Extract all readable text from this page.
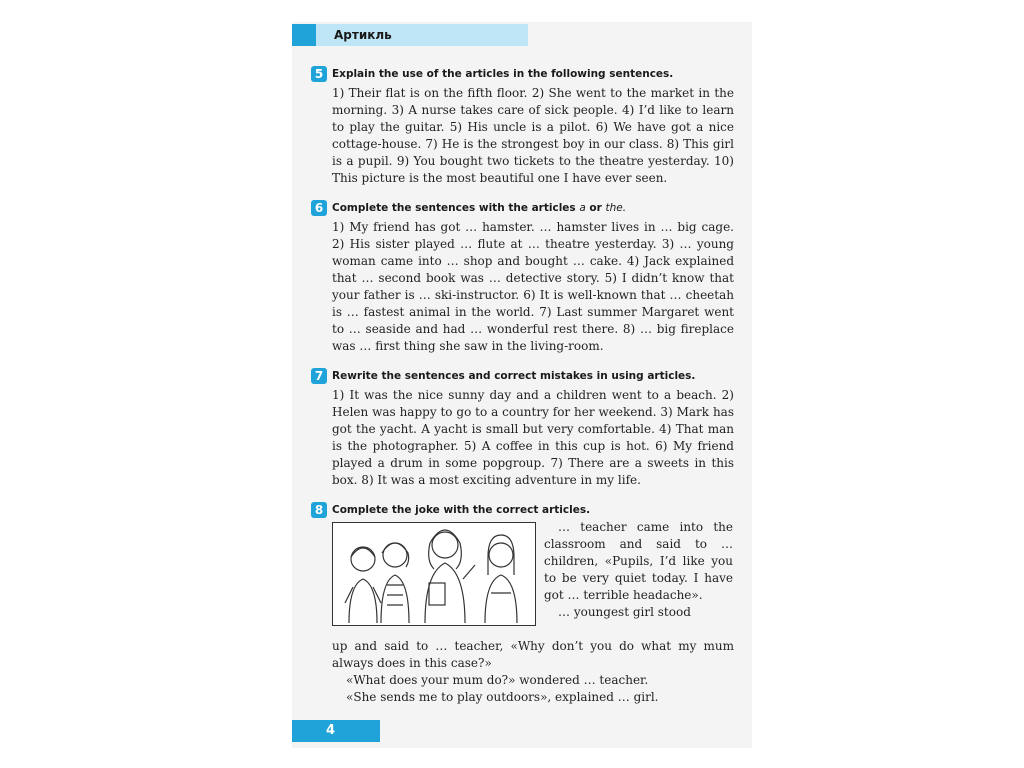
Артикль
5 Explain the use of the articles in the following sentences.
1) Their flat is on the fifth floor. 2) She went to the market in the morning. 3) A nurse takes care of sick people. 4) I’d like to learn to play the guitar. 5) His uncle is a pilot. 6) We have got a nice cottage-house. 7) He is the strongest boy in our class. 8) This girl is a pupil. 9) You bought two tickets to the theatre yesterday. 10) This picture is the most beautiful one I have ever seen.
6 Complete the sentences with the articles a or the.
1) My friend has got … hamster. … hamster lives in … big cage. 2) His sister played … flute at … theatre yesterday. 3) … young woman came into … shop and bought … cake. 4) Jack explained that … second book was … detective story. 5) I didn’t know that your father is … ski-instructor. 6) It is well-known that … cheetah is … fastest animal in the world. 7) Last summer Margaret went to … seaside and had … wonderful rest there. 8) … big fireplace was … first thing she saw in the living-room.
7 Rewrite the sentences and correct mistakes in using articles.
1) It was the nice sunny day and a children went to a beach. 2) Helen was happy to go to a country for her weekend. 3) Mark has got the yacht. A yacht is small but very comfortable. 4) That man is the photographer. 5) A coffee in this cup is hot. 6) My friend played a drum in some popgroup. 7) There are a sweets in this box. 8) It was a most exciting adventure in my life.
8 Complete the joke with the correct articles.

… teacher came into the classroom and said to … children, «Pupils, I’d like you to be very quiet today. I have got … terrible headache».

… youngest girl stood

up and said to … teacher, «Why don’t you do what my mum always does in this case?»

«What does your mum do?» wondered … teacher.

«She sends me to play outdoors», explained … girl.

4
